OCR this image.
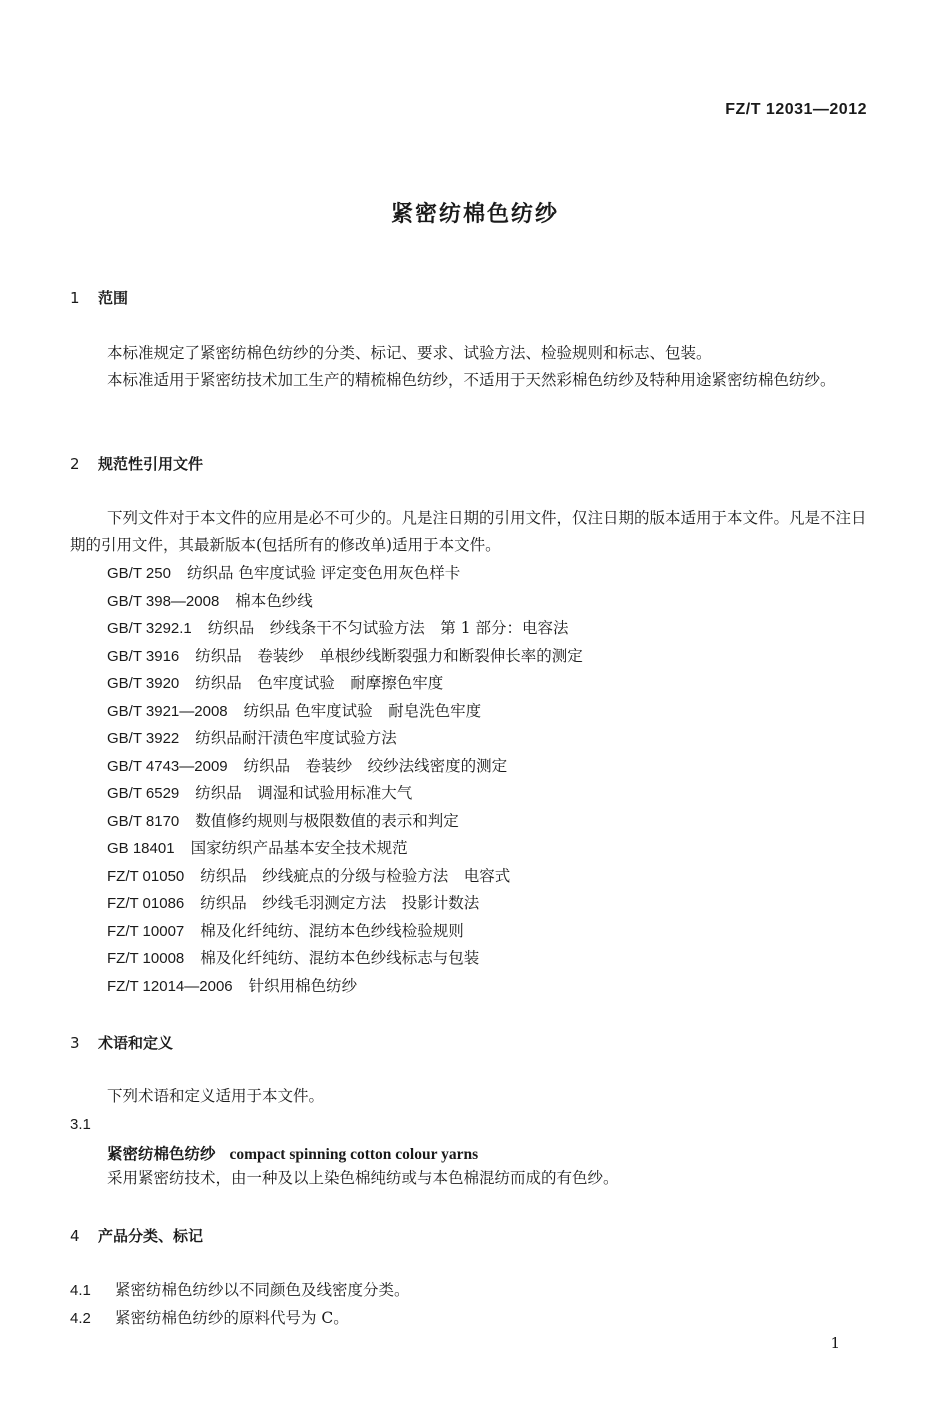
FZ/T 12031—2012
紧密纺棉色纺纱
1 范围
本标准规定了紧密纺棉色纺纱的分类、标记、要求、试验方法、检验规则和标志、包装。
本标准适用于紧密纺技术加工生产的精梳棉色纺纱，不适用于天然彩棉色纺纱及特种用途紧密纺棉色纺纱。
2 规范性引用文件
下列文件对于本文件的应用是必不可少的。凡是注日期的引用文件，仅注日期的版本适用于本文件。凡是不注日期的引用文件，其最新版本(包括所有的修改单)适用于本文件。
GB/T 250 纺织品 色牢度试验 评定变色用灰色样卡
GB/T 398—2008 棉本色纱线
GB/T 3292.1 纺织品　纱线条干不匀试验方法　第 1 部分：电容法
GB/T 3916 纺织品　卷装纱　单根纱线断裂强力和断裂伸长率的测定
GB/T 3920 纺织品　色牢度试验　耐摩擦色牢度
GB/T 3921—2008 纺织品 色牢度试验　耐皂洗色牢度
GB/T 3922 纺织品耐汗渍色牢度试验方法
GB/T 4743—2009 纺织品　卷装纱　绞纱法线密度的测定
GB/T 6529 纺织品　调湿和试验用标准大气
GB/T 8170 数值修约规则与极限数值的表示和判定
GB 18401 国家纺织产品基本安全技术规范
FZ/T 01050 纺织品　纱线疵点的分级与检验方法　电容式
FZ/T 01086 纺织品　纱线毛羽测定方法　投影计数法
FZ/T 10007 棉及化纤纯纺、混纺本色纱线检验规则
FZ/T 10008 棉及化纤纯纺、混纺本色纱线标志与包装
FZ/T 12014—2006 针织用棉色纺纱
3 术语和定义
下列术语和定义适用于本文件。
3.1
紧密纺棉色纺纱 compact spinning cotton colour yarns
采用紧密纺技术，由一种及以上染色棉纯纺或与本色棉混纺而成的有色纱。
4 产品分类、标记
4.1 紧密纺棉色纺纱以不同颜色及线密度分类。
4.2 紧密纺棉色纺纱的原料代号为 C。
1
